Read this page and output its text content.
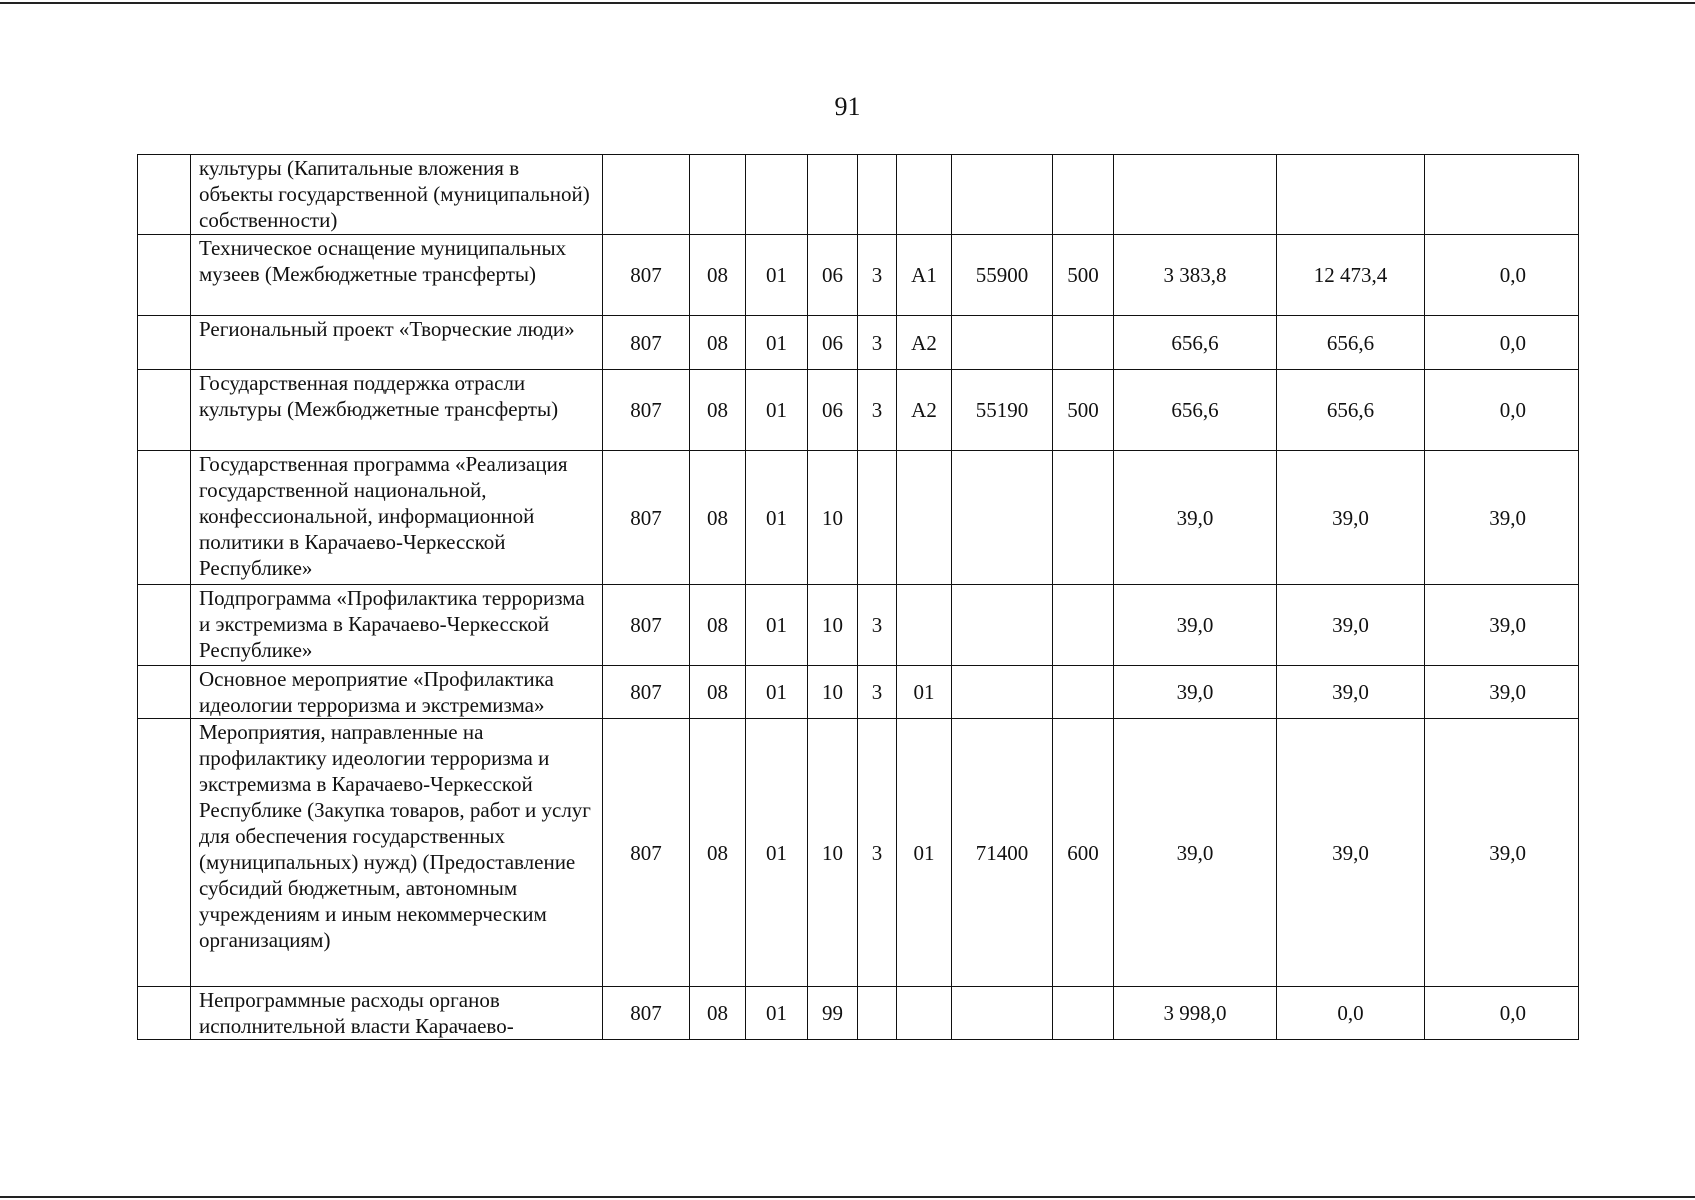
91
	культуры (Капитальные вложения в объекты государственной (муниципальной) собственности)											
	Техническое оснащение муниципальных музеев (Межбюджетные трансферты)	807	08	01	06	3	А1	55900	500	3 383,8	12 473,4	0,0
	Региональный проект «Творческие люди»	807	08	01	06	3	А2			656,6	656,6	0,0
	Государственная поддержка отрасли культуры (Межбюджетные трансферты)	807	08	01	06	3	А2	55190	500	656,6	656,6	0,0
	Государственная программа «Реализация государственной национальной, конфессиональной, информационной политики в Карачаево-Черкесской Республике»	807	08	01	10					39,0	39,0	39,0
	Подпрограмма «Профилактика терроризма и экстремизма в Карачаево-Черкесской Республике»	807	08	01	10	3				39,0	39,0	39,0
	Основное мероприятие «Профилактика идеологии терроризма и экстремизма»	807	08	01	10	3	01			39,0	39,0	39,0
	Мероприятия, направленные на профилактику идеологии терроризма и экстремизма в Карачаево-Черкесской Республике (Закупка товаров, работ и услуг для обеспечения государственных (муниципальных) нужд) (Предоставление субсидий бюджетным, автономным учреждениям и иным некоммерческим организациям)	807	08	01	10	3	01	71400	600	39,0	39,0	39,0
	Непрограммные расходы органов исполнительной власти Карачаево-	807	08	01	99					3 998,0	0,0	0,0
